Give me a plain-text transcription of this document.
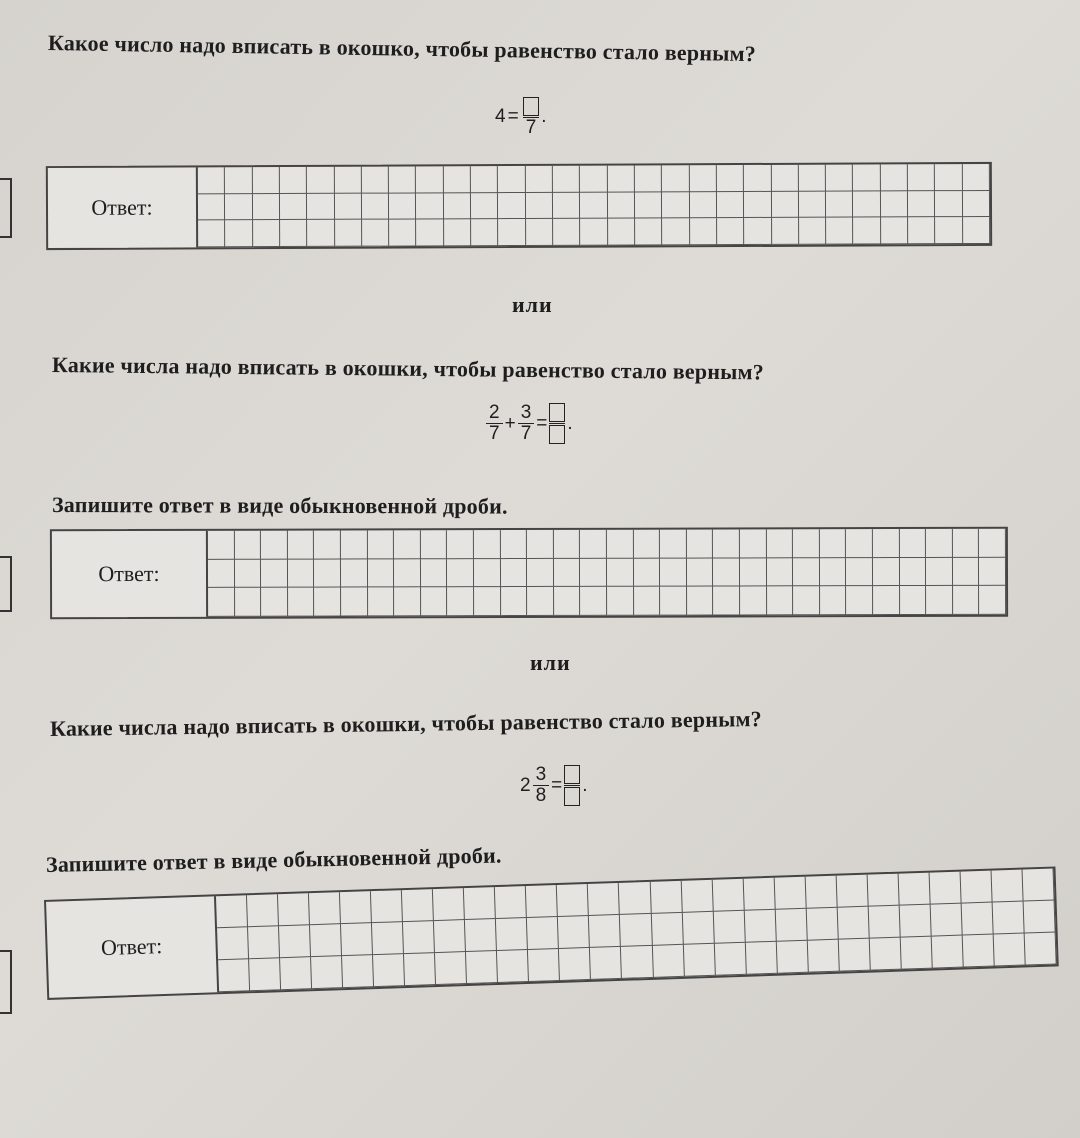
Какое число надо вписать в окошко, чтобы равенство стало верным?
4 =
7
.
Ответ:
или
Какие числа надо вписать в окошки, чтобы равенство стало верным?
$\frac{2}{7} + \frac{3}{7}$ = .
Запишите ответ в виде обыкновенной дроби.
Ответ:
или
Какие числа надо вписать в окошки, чтобы равенство стало верным?
$2 \frac{3}{8}$ = .
Запишите ответ в виде обыкновенной дроби.
Ответ:
